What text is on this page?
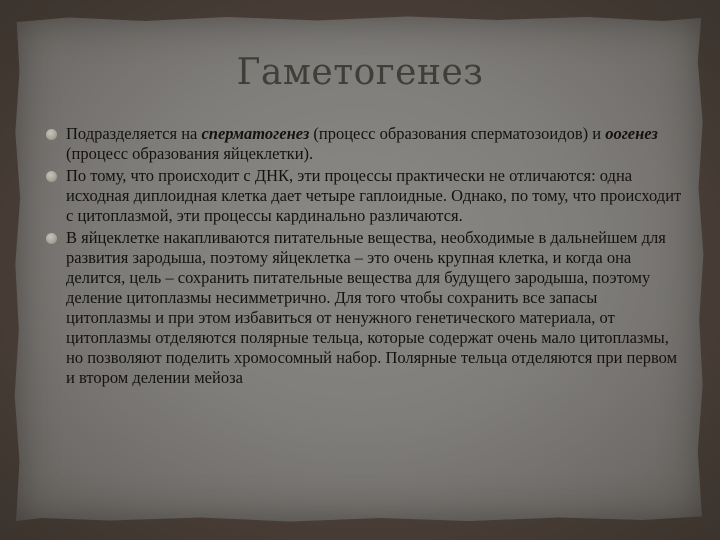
Гаметогенез
Подразделяется на сперматогенез (процесс образования сперматозоидов) и оогенез (процесс образования яйцеклетки).
По тому, что происходит с ДНК, эти процессы практически не отличаются: одна исходная диплоидная клетка дает четыре гаплоидные. Однако, по тому, что происходит с цитоплазмой, эти процессы кардинально различаются.
В яйцеклетке накапливаются питательные вещества, необходимые в дальнейшем для развития зародыша, поэтому яйцеклетка – это очень крупная клетка, и когда она делится, цель – сохранить питательные вещества для будущего зародыша, поэтому деление цитоплазмы несимметрично. Для того чтобы сохранить все запасы цитоплазмы и при этом избавиться от ненужного генетического материала, от цитоплазмы отделяются полярные тельца, которые содержат очень мало цитоплазмы, но позволяют поделить хромосомный набор. Полярные тельца отделяются при первом и втором делении мейоза
